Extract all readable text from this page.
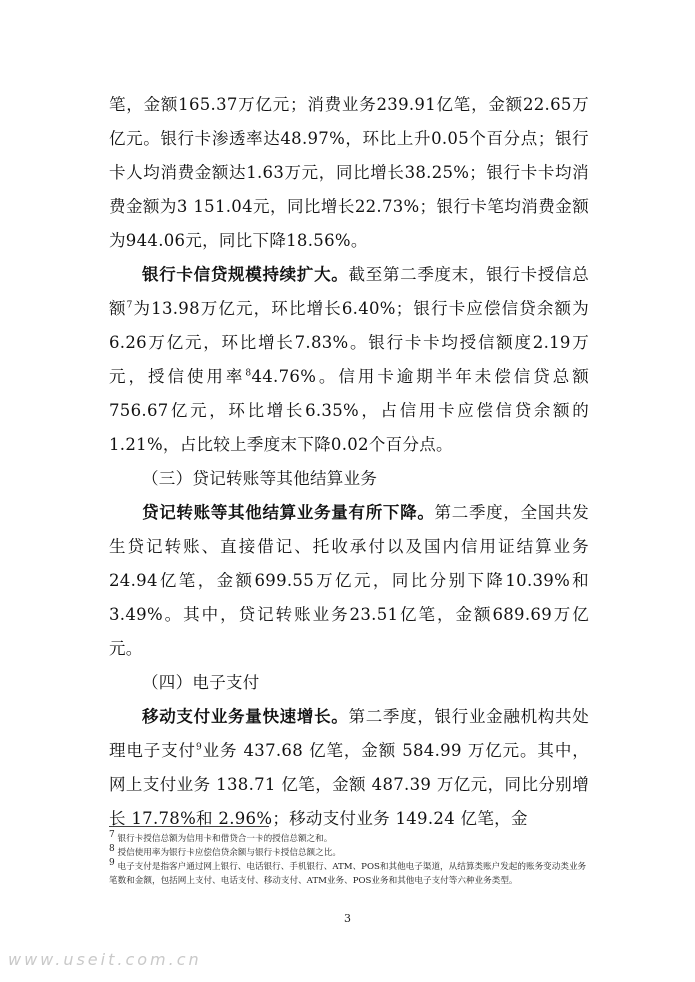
笔，金额165.37万亿元；消费业务239.91亿笔，金额22.65万亿元。银行卡渗透率达48.97%，环比上升0.05个百分点；银行卡人均消费金额达1.63万元，同比增长38.25%；银行卡卡均消费金额为3 151.04元，同比增长22.73%；银行卡笔均消费金额为944.06元，同比下降18.56%。

银行卡信贷规模持续扩大。截至第二季度末，银行卡授信总额$^7$为13.98万亿元，环比增长6.40%；银行卡应偿信贷余额为6.26万亿元，环比增长7.83%。银行卡卡均授信额度2.19万元，授信使用率$^8$44.76%。信用卡逾期半年未偿信贷总额756.67亿元，环比增长6.35%，占信用卡应偿信贷余额的1.21%，占比较上季度末下降0.02个百分点。

（三）贷记转账等其他结算业务

贷记转账等其他结算业务量有所下降。第二季度，全国共发生贷记转账、直接借记、托收承付以及国内信用证结算业务24.94亿笔，金额699.55万亿元，同比分别下降10.39%和3.49%。其中，贷记转账业务23.51亿笔，金额689.69万亿元。

（四）电子支付

移动支付业务量快速增长。第二季度，银行业金融机构共处理电子支付$^9$业务 437.68 亿笔，金额 584.99 万亿元。其中，网上支付业务 138.71 亿笔，金额 487.39 万亿元，同比分别增长 17.78%和 2.96%；移动支付业务 149.24 亿笔，金

$^7$ 银行卡授信总额为信用卡和借贷合一卡的授信总额之和。

$^8$ 授信使用率为银行卡应偿信贷余额与银行卡授信总额之比。

$^9$ 电子支付是指客户通过网上银行、电话银行、手机银行、ATM、POS和其他电子渠道，从结算类账户发起的账务变动类业务笔数和金额，包括网上支付、电话支付、移动支付、ATM业务、POS业务和其他电子支付等六种业务类型。

3
www.useit.com.cn
